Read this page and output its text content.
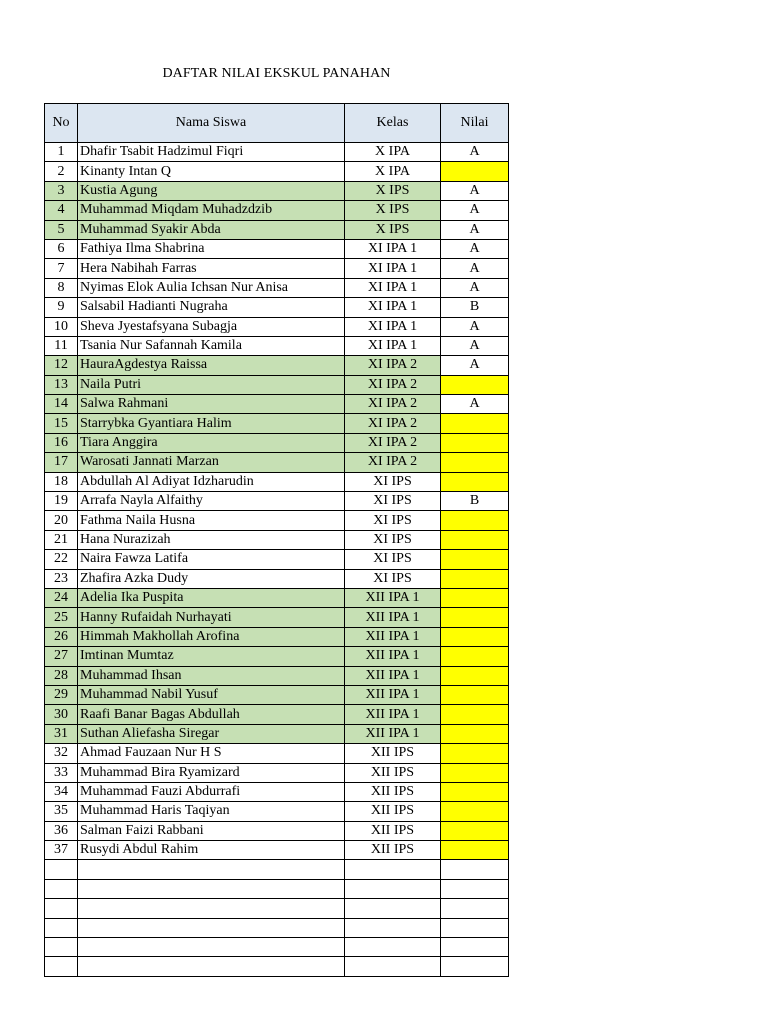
DAFTAR NILAI EKSKUL PANAHAN
No	Nama Siswa	Kelas	Nilai
1	Dhafir Tsabit Hadzimul Fiqri	X IPA	A
2	Kinanty Intan Q	X IPA	
3	Kustia Agung	X IPS	A
4	Muhammad Miqdam Muhadzdzib	X IPS	A
5	Muhammad Syakir Abda	X IPS	A
6	Fathiya Ilma Shabrina	XI IPA 1	A
7	Hera Nabihah Farras	XI IPA 1	A
8	Nyimas Elok Aulia Ichsan Nur Anisa	XI IPA 1	A
9	Salsabil Hadianti Nugraha	XI IPA 1	B
10	Sheva Jyestafsyana Subagja	XI IPA 1	A
11	Tsania Nur Safannah Kamila	XI IPA 1	A
12	HauraAgdestya Raissa	XI IPA 2	A
13	Naila Putri	XI IPA 2	
14	Salwa Rahmani	XI IPA 2	A
15	Starrybka Gyantiara Halim	XI IPA 2	
16	Tiara Anggira	XI IPA 2	
17	Warosati Jannati Marzan	XI IPA 2	
18	Abdullah Al Adiyat Idzharudin	XI IPS	
19	Arrafa Nayla Alfaithy	XI IPS	B
20	Fathma Naila Husna	XI IPS	
21	Hana Nurazizah	XI IPS	
22	Naira Fawza Latifa	XI IPS	
23	Zhafira Azka Dudy	XI IPS	
24	Adelia Ika Puspita	XII IPA 1	
25	Hanny Rufaidah Nurhayati	XII IPA 1	
26	Himmah Makhollah Arofina	XII IPA 1	
27	Imtinan Mumtaz	XII IPA 1	
28	Muhammad Ihsan	XII IPA 1	
29	Muhammad Nabil Yusuf	XII IPA 1	
30	Raafi Banar Bagas Abdullah	XII IPA 1	
31	Suthan Aliefasha Siregar	XII IPA 1	
32	Ahmad Fauzaan Nur H S	XII IPS	
33	Muhammad Bira Ryamizard	XII IPS	
34	Muhammad Fauzi Abdurrafi	XII IPS	
35	Muhammad Haris Taqiyan	XII IPS	
36	Salman Faizi Rabbani	XII IPS	
37	Rusydi Abdul Rahim	XII IPS	
